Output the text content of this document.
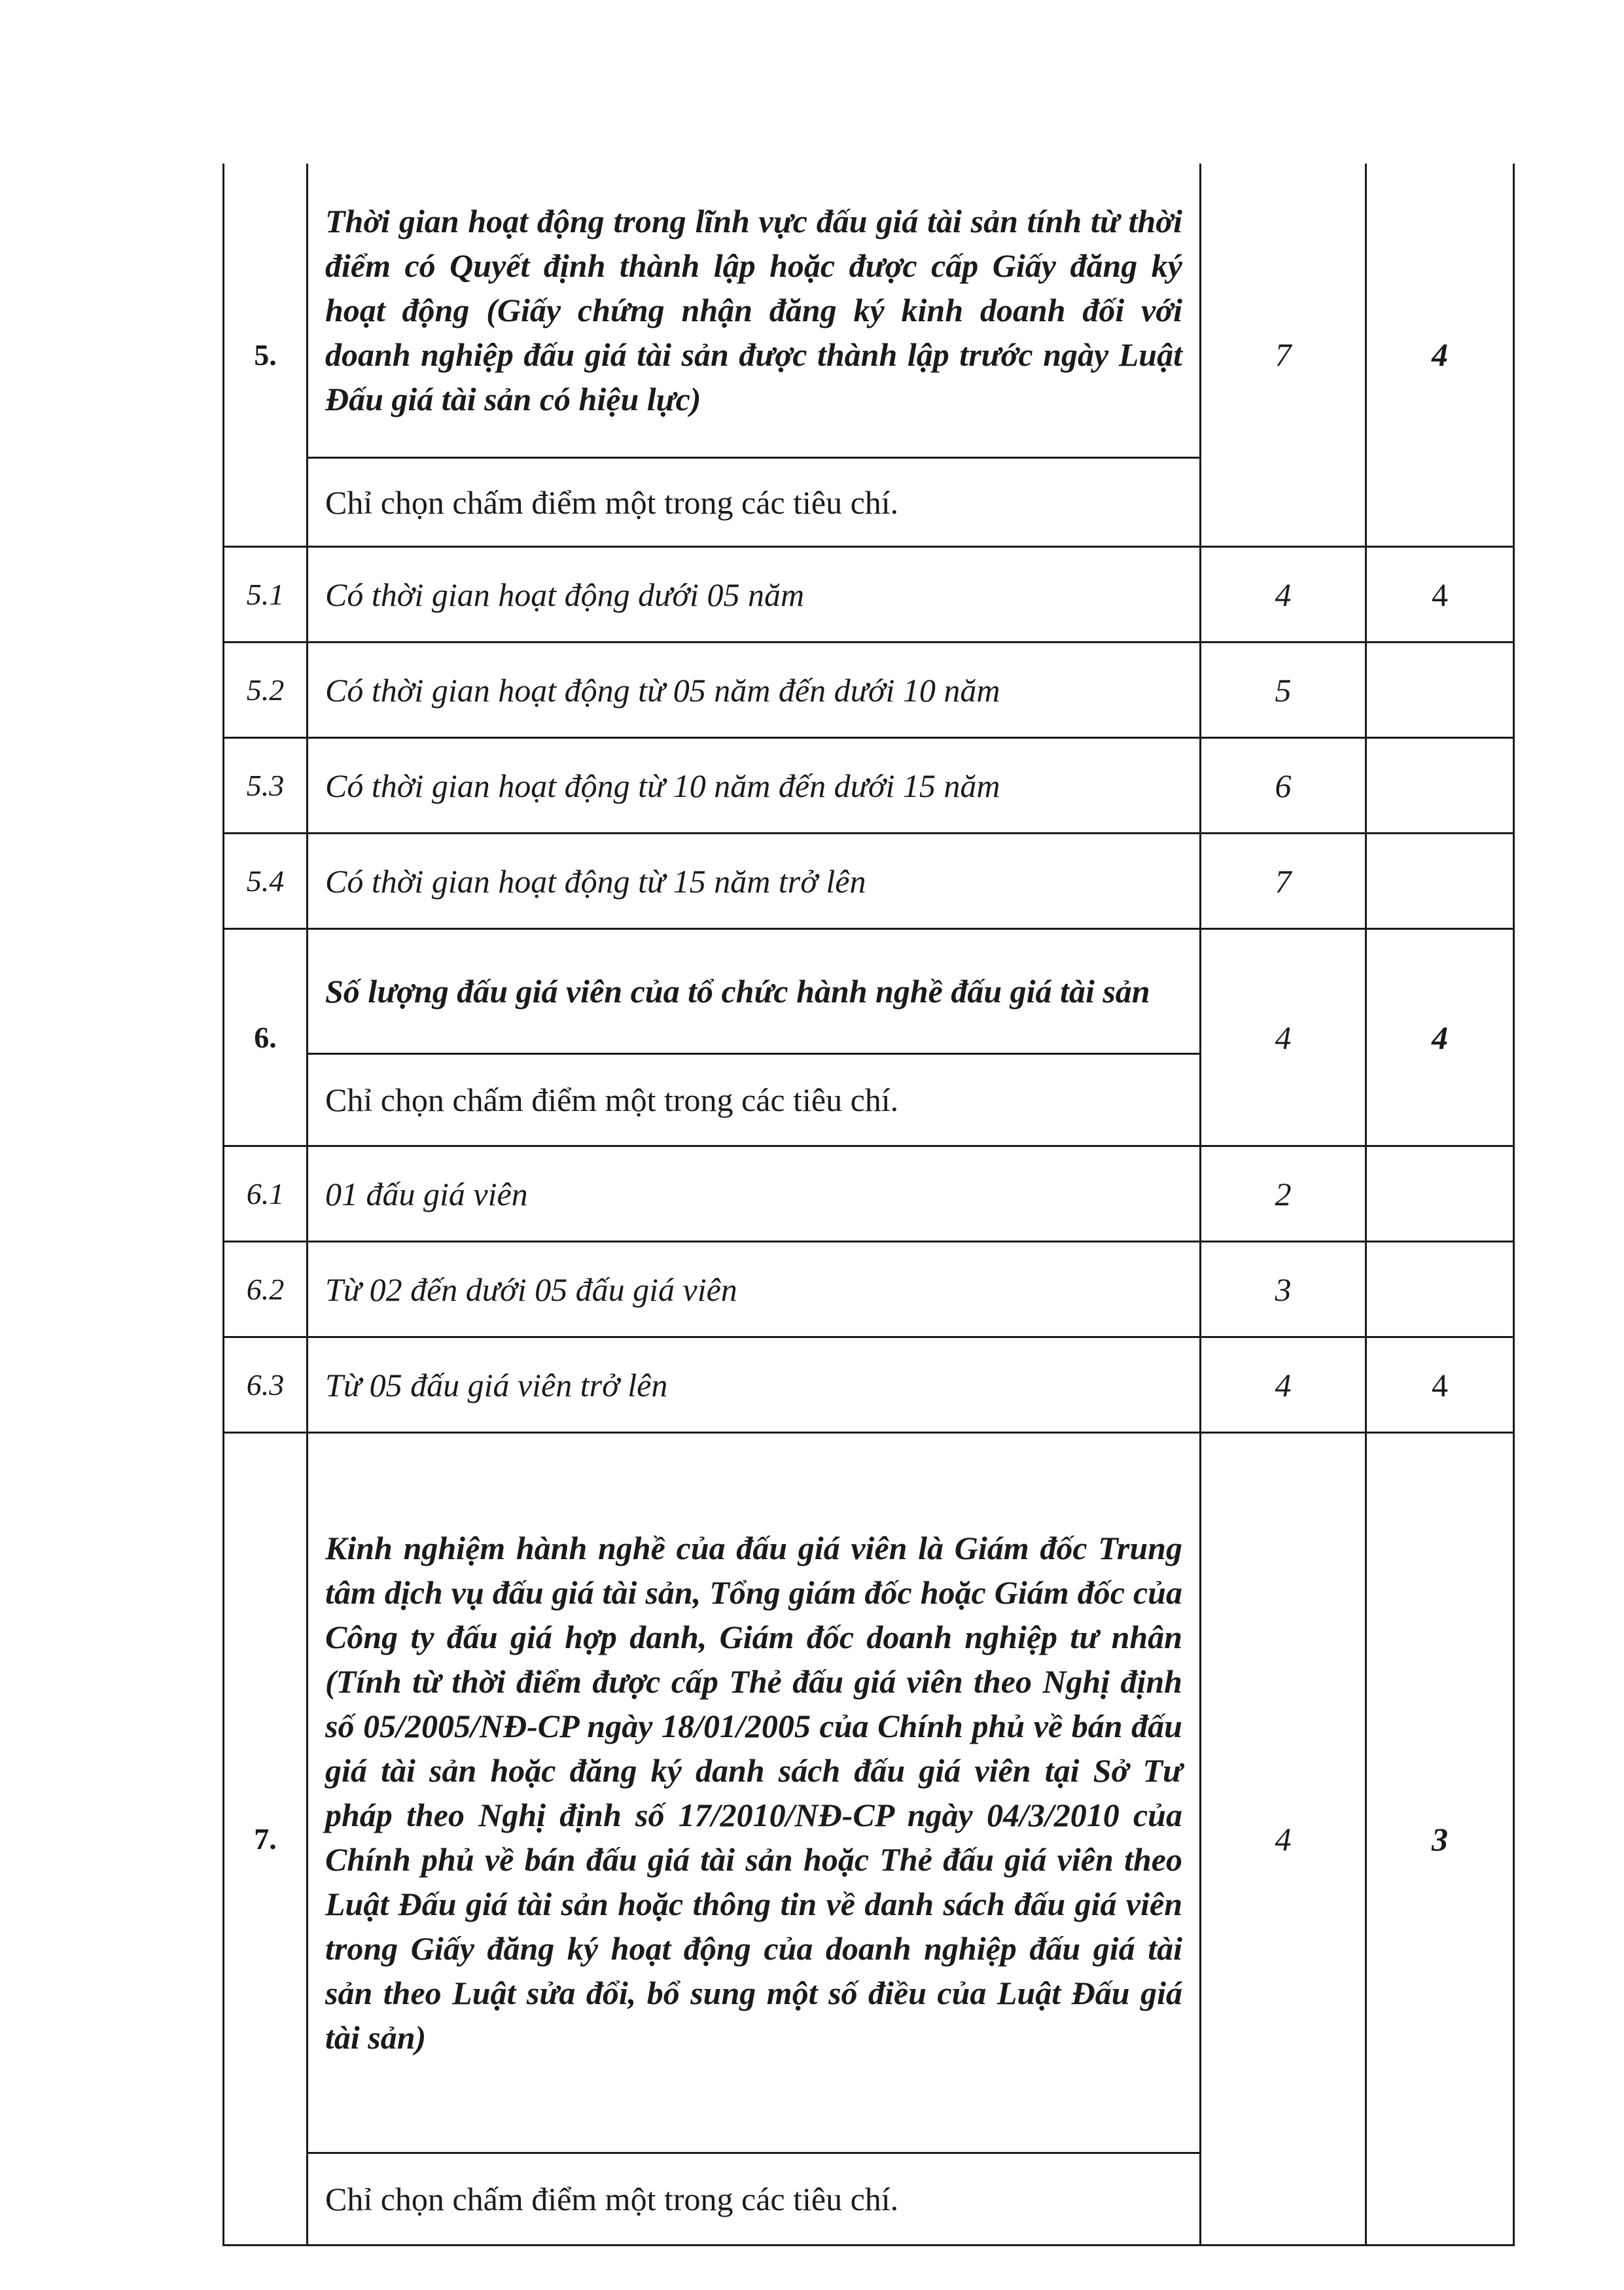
5.	Thời gian hoạt động trong lĩnh vực đấu giá tài sản tính từ thời điểm có Quyết định thành lập hoặc được cấp Giấy đăng ký hoạt động (Giấy chứng nhận đăng ký kinh doanh đối với doanh nghiệp đấu giá tài sản được thành lập trước ngày Luật Đấu giá tài sản có hiệu lực)	7	4
	Chỉ chọn chấm điểm một trong các tiêu chí.		
5.1	Có thời gian hoạt động dưới 05 năm	4	4
5.2	Có thời gian hoạt động từ 05 năm đến dưới 10 năm	5	
5.3	Có thời gian hoạt động từ 10 năm đến dưới 15 năm	6	
5.4	Có thời gian hoạt động từ 15 năm trở lên	7	
6.	Số lượng đấu giá viên của tổ chức hành nghề đấu giá tài sản	4	4
	Chỉ chọn chấm điểm một trong các tiêu chí.		
6.1	01 đấu giá viên	2	
6.2	Từ 02 đến dưới 05 đấu giá viên	3	
6.3	Từ 05 đấu giá viên trở lên	4	4
7.	Kinh nghiệm hành nghề của đấu giá viên là Giám đốc Trung tâm dịch vụ đấu giá tài sản, Tổng giám đốc hoặc Giám đốc của Công ty đấu giá hợp danh, Giám đốc doanh nghiệp tư nhân (Tính từ thời điểm được cấp Thẻ đấu giá viên theo Nghị định số 05/2005/NĐ-CP ngày 18/01/2005 của Chính phủ về bán đấu giá tài sản hoặc đăng ký danh sách đấu giá viên tại Sở Tư pháp theo Nghị định số 17/2010/NĐ-CP ngày 04/3/2010 của Chính phủ về bán đấu giá tài sản hoặc Thẻ đấu giá viên theo Luật Đấu giá tài sản hoặc thông tin về danh sách đấu giá viên trong Giấy đăng ký hoạt động của doanh nghiệp đấu giá tài sản theo Luật sửa đổi, bổ sung một số điều của Luật Đấu giá tài sản)	4	3
	Chỉ chọn chấm điểm một trong các tiêu chí.		
